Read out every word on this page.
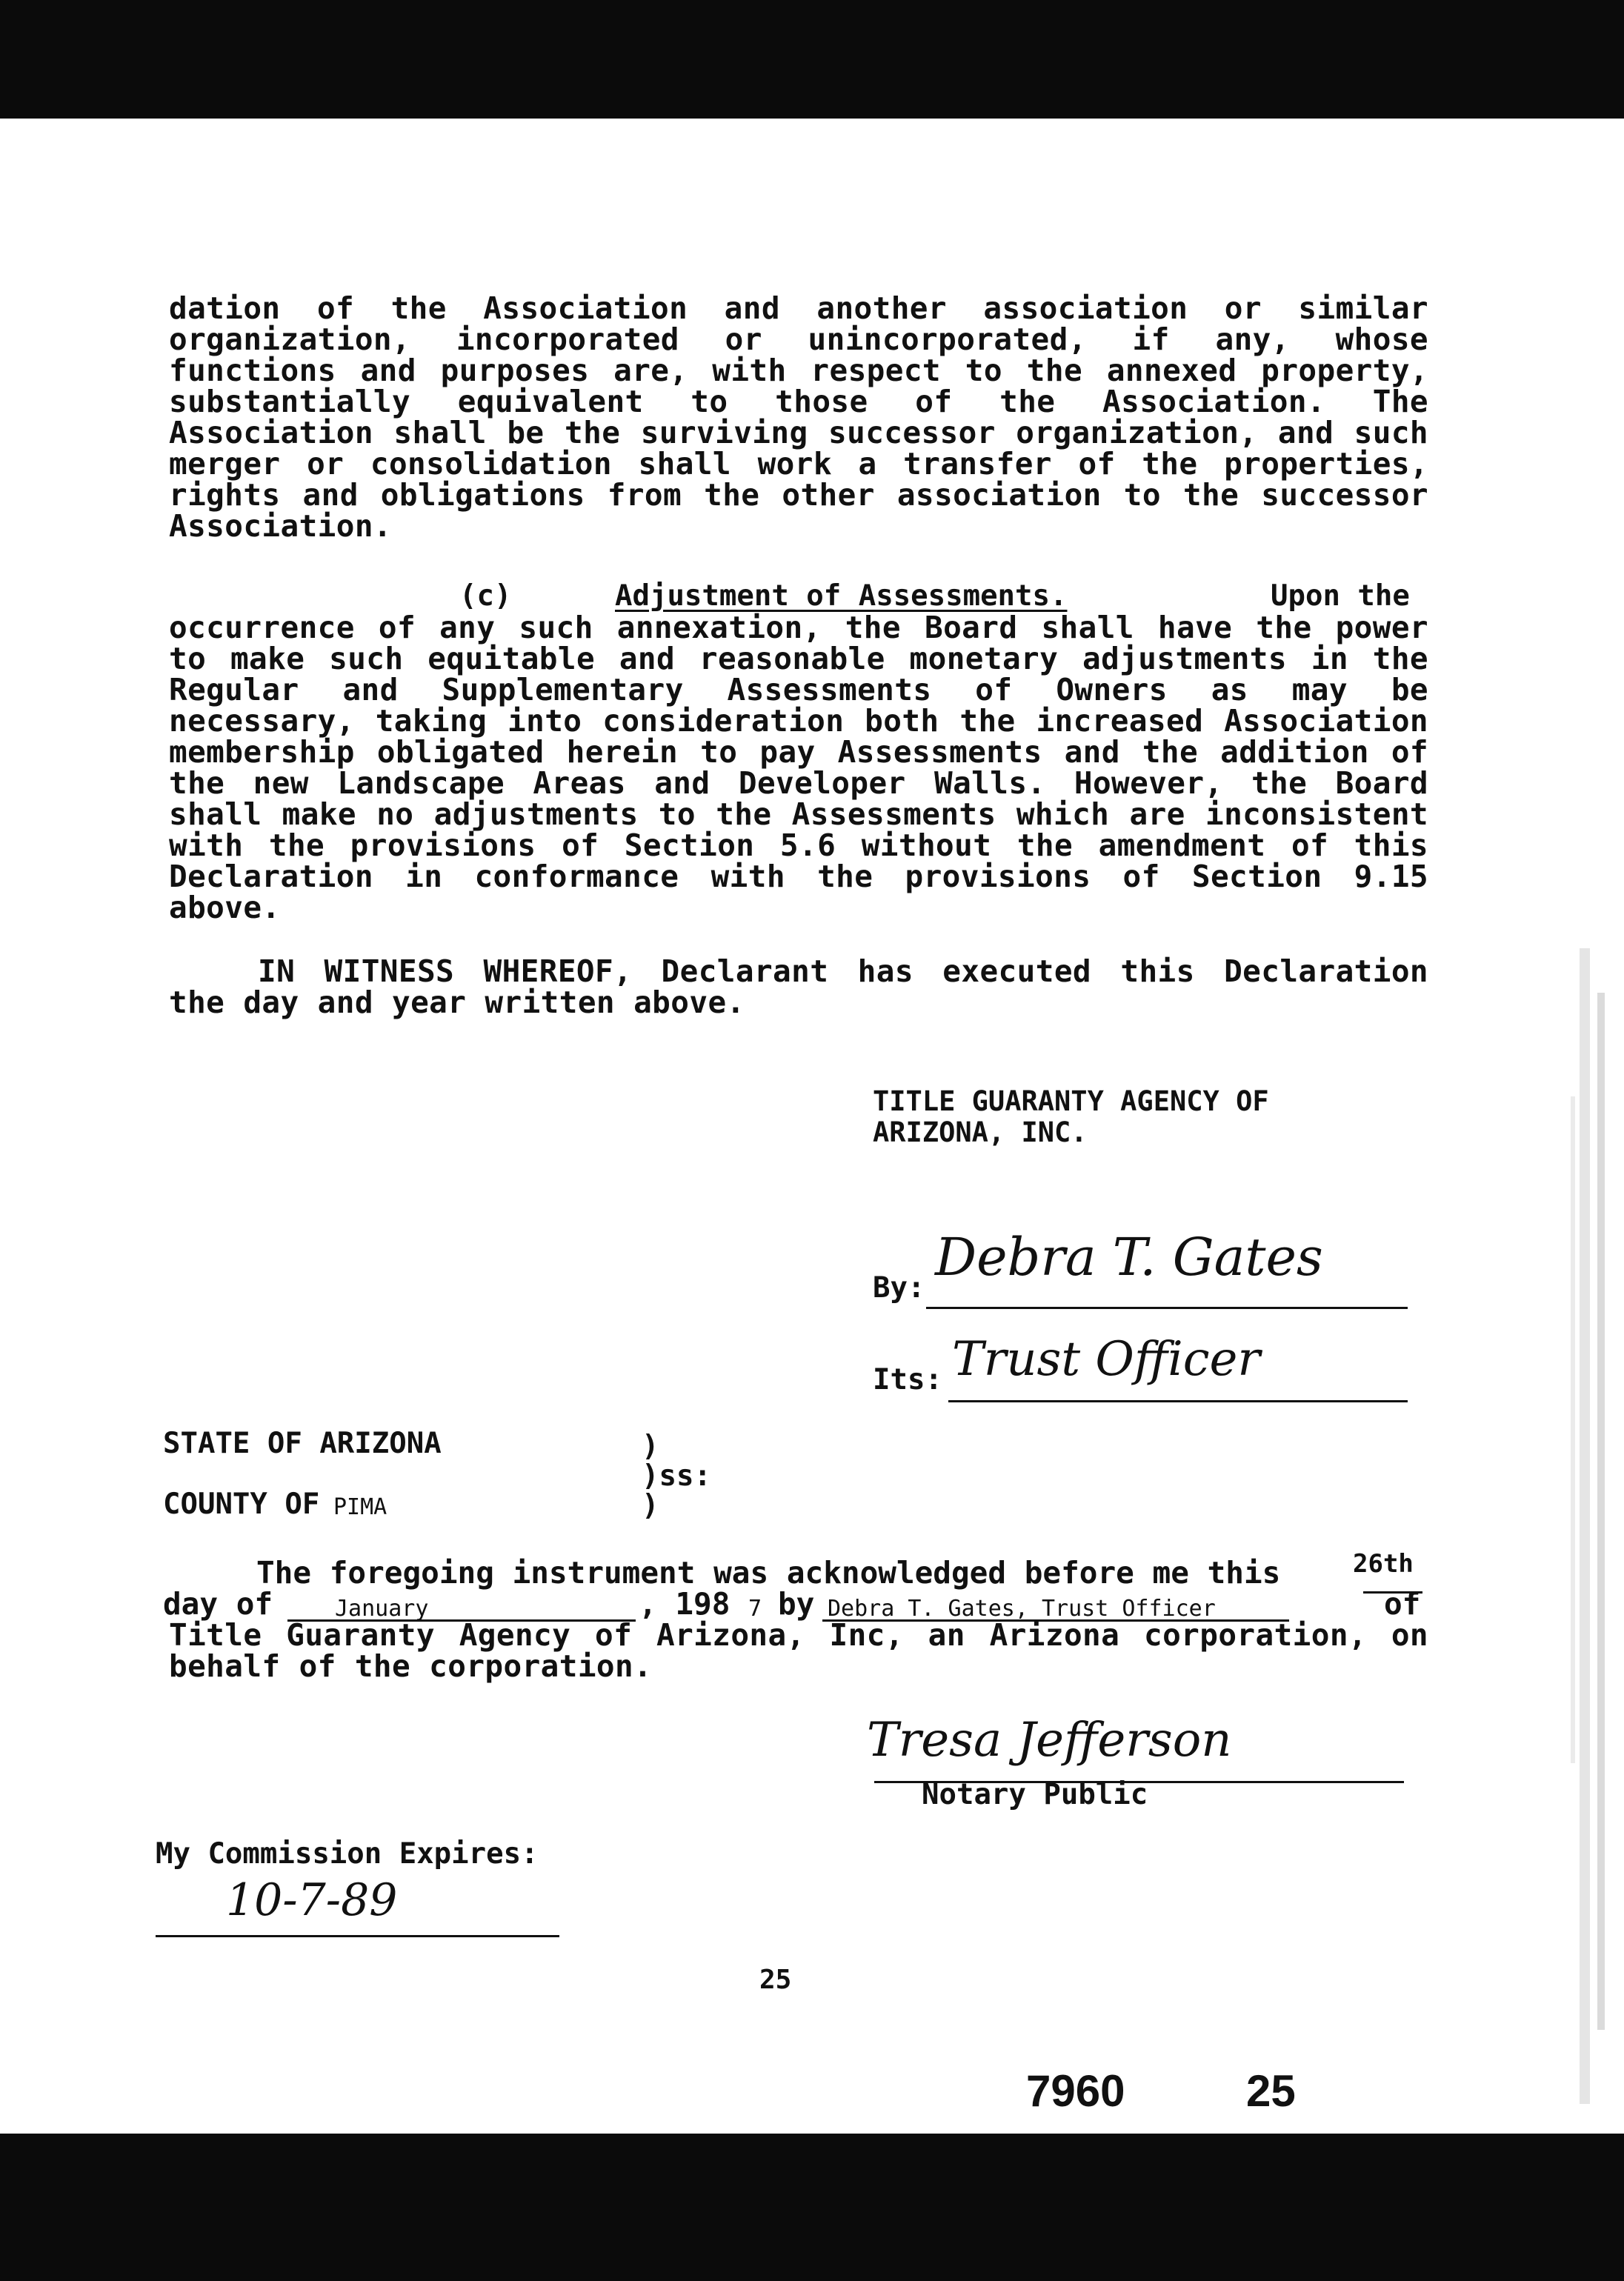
dation of the Association and another association or similar organization, incorporated or unincorporated, if any, whose functions and purposes are, with respect to the annexed property, substantially equivalent to those of the Association. The Association shall be the surviving successor organization, and such merger or consolidation shall work a transfer of the properties, rights and obligations from the other association to the successor Association.

(c)	Adjustment of Assessments.	Upon the

occurrence of any such annexation, the Board shall have the power to make such equitable and reasonable monetary adjustments in the Regular and Supplementary Assessments of Owners as may be necessary, taking into consideration both the increased Association membership obligated herein to pay Assessments and the addition of the new Landscape Areas and Developer Walls. However, the Board shall make no adjustments to the Assessments which are inconsistent with the provisions of Section 5.6 without the amendment of this Declaration in conformance with the provisions of Section 9.15 above.

IN WITNESS WHEREOF, Declarant has executed this Declaration the day and year written above.

TITLE GUARANTY AGENCY OF
ARIZONA, INC.
By:
Debra T. Gates
Its: Trust Officer
STATE OF ARIZONA
COUNTY OF PIMA
)
)ss:
)
The foregoing instrument was acknowledged before me this	26th
day of	January	, 198 7 by Debra T. Gates, Trust Officer	of

Title Guaranty Agency of Arizona, Inc, an Arizona corporation, on behalf of the corporation.

Tresa Jefferson
Notary Public
My Commission Expires:
10-7-89
25
7960	25
